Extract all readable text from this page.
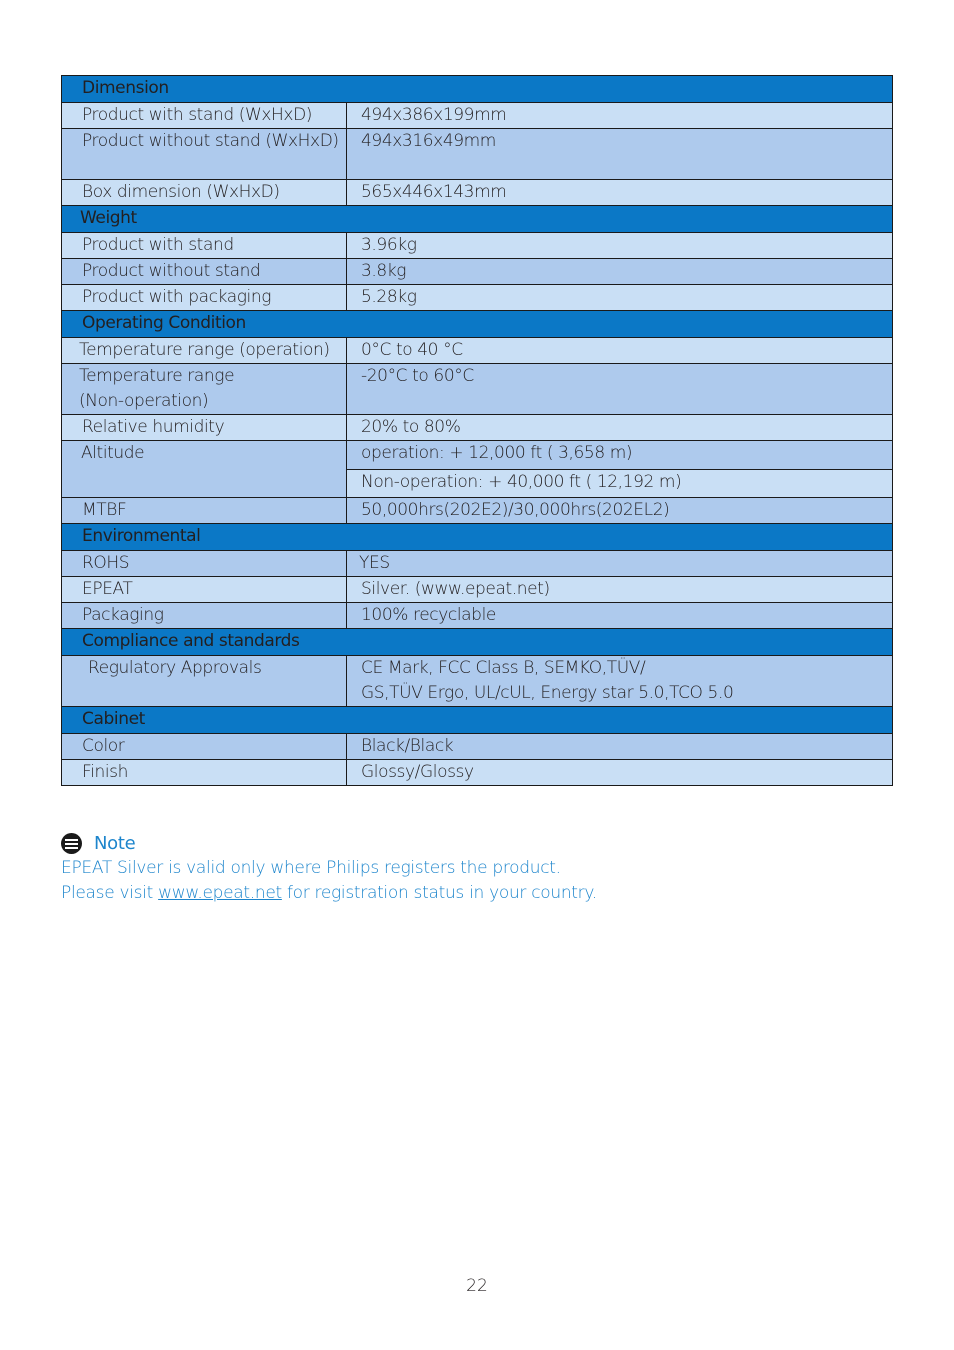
Dimension	
Product with stand (WxHxD)	494x386x199mm
Product without stand (WxHxD)	494x316x49mm
Box dimension (WxHxD)	565x446x143mm
Weight	
Product with stand	3.96kg
Product without stand	3.8kg
Product with packaging	5.28kg
Operating Condition	
Temperature range (operation)	0°C to 40 °C

Temperature range
(Non-operation)	-20°C to 60°C
Relative humidity	20% to 80%
Altitude	operation: + 12,000 ft ( 3,658 m)
	Non-operation: + 40,000 ft ( 12,192 m)
MTBF	50,000hrs(202E2)/30,000hrs(202EL2)
Environmental	
ROHS	YES
EPEAT	Silver. (www.epeat.net)
Packaging	100% recyclable
Compliance and standards	
Regulatory Approvals	CE Mark, FCC Class B, SEMKO,TÜV/
GS,TÜV Ergo, UL/cUL, Energy star 5.0,TCO 5.0

Cabinet	
Color	Black/Black
Finish	Glossy/Glossy
Note
EPEAT Silver is valid only where Philips registers the product.
Please visit www.epeat.net for registration status in your country.
22
